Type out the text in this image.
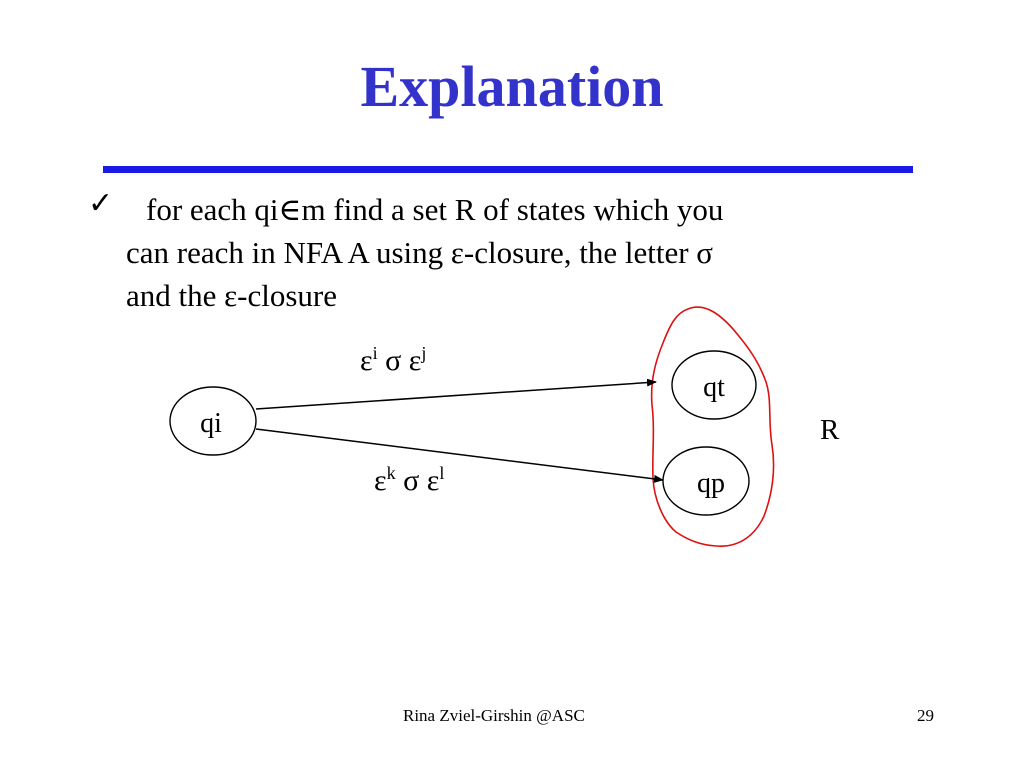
Explanation
✓	for each qi∈m find a set R of states which you
can reach in NFA A using ε-closure, the letter σ
and the ε-closure
qi
qt
qp
$\varepsilon^i$ σ $\varepsilon^j$
$\varepsilon^k$ σ $\varepsilon^l$
R
Rina Zviel-Girshin @ASC	29
